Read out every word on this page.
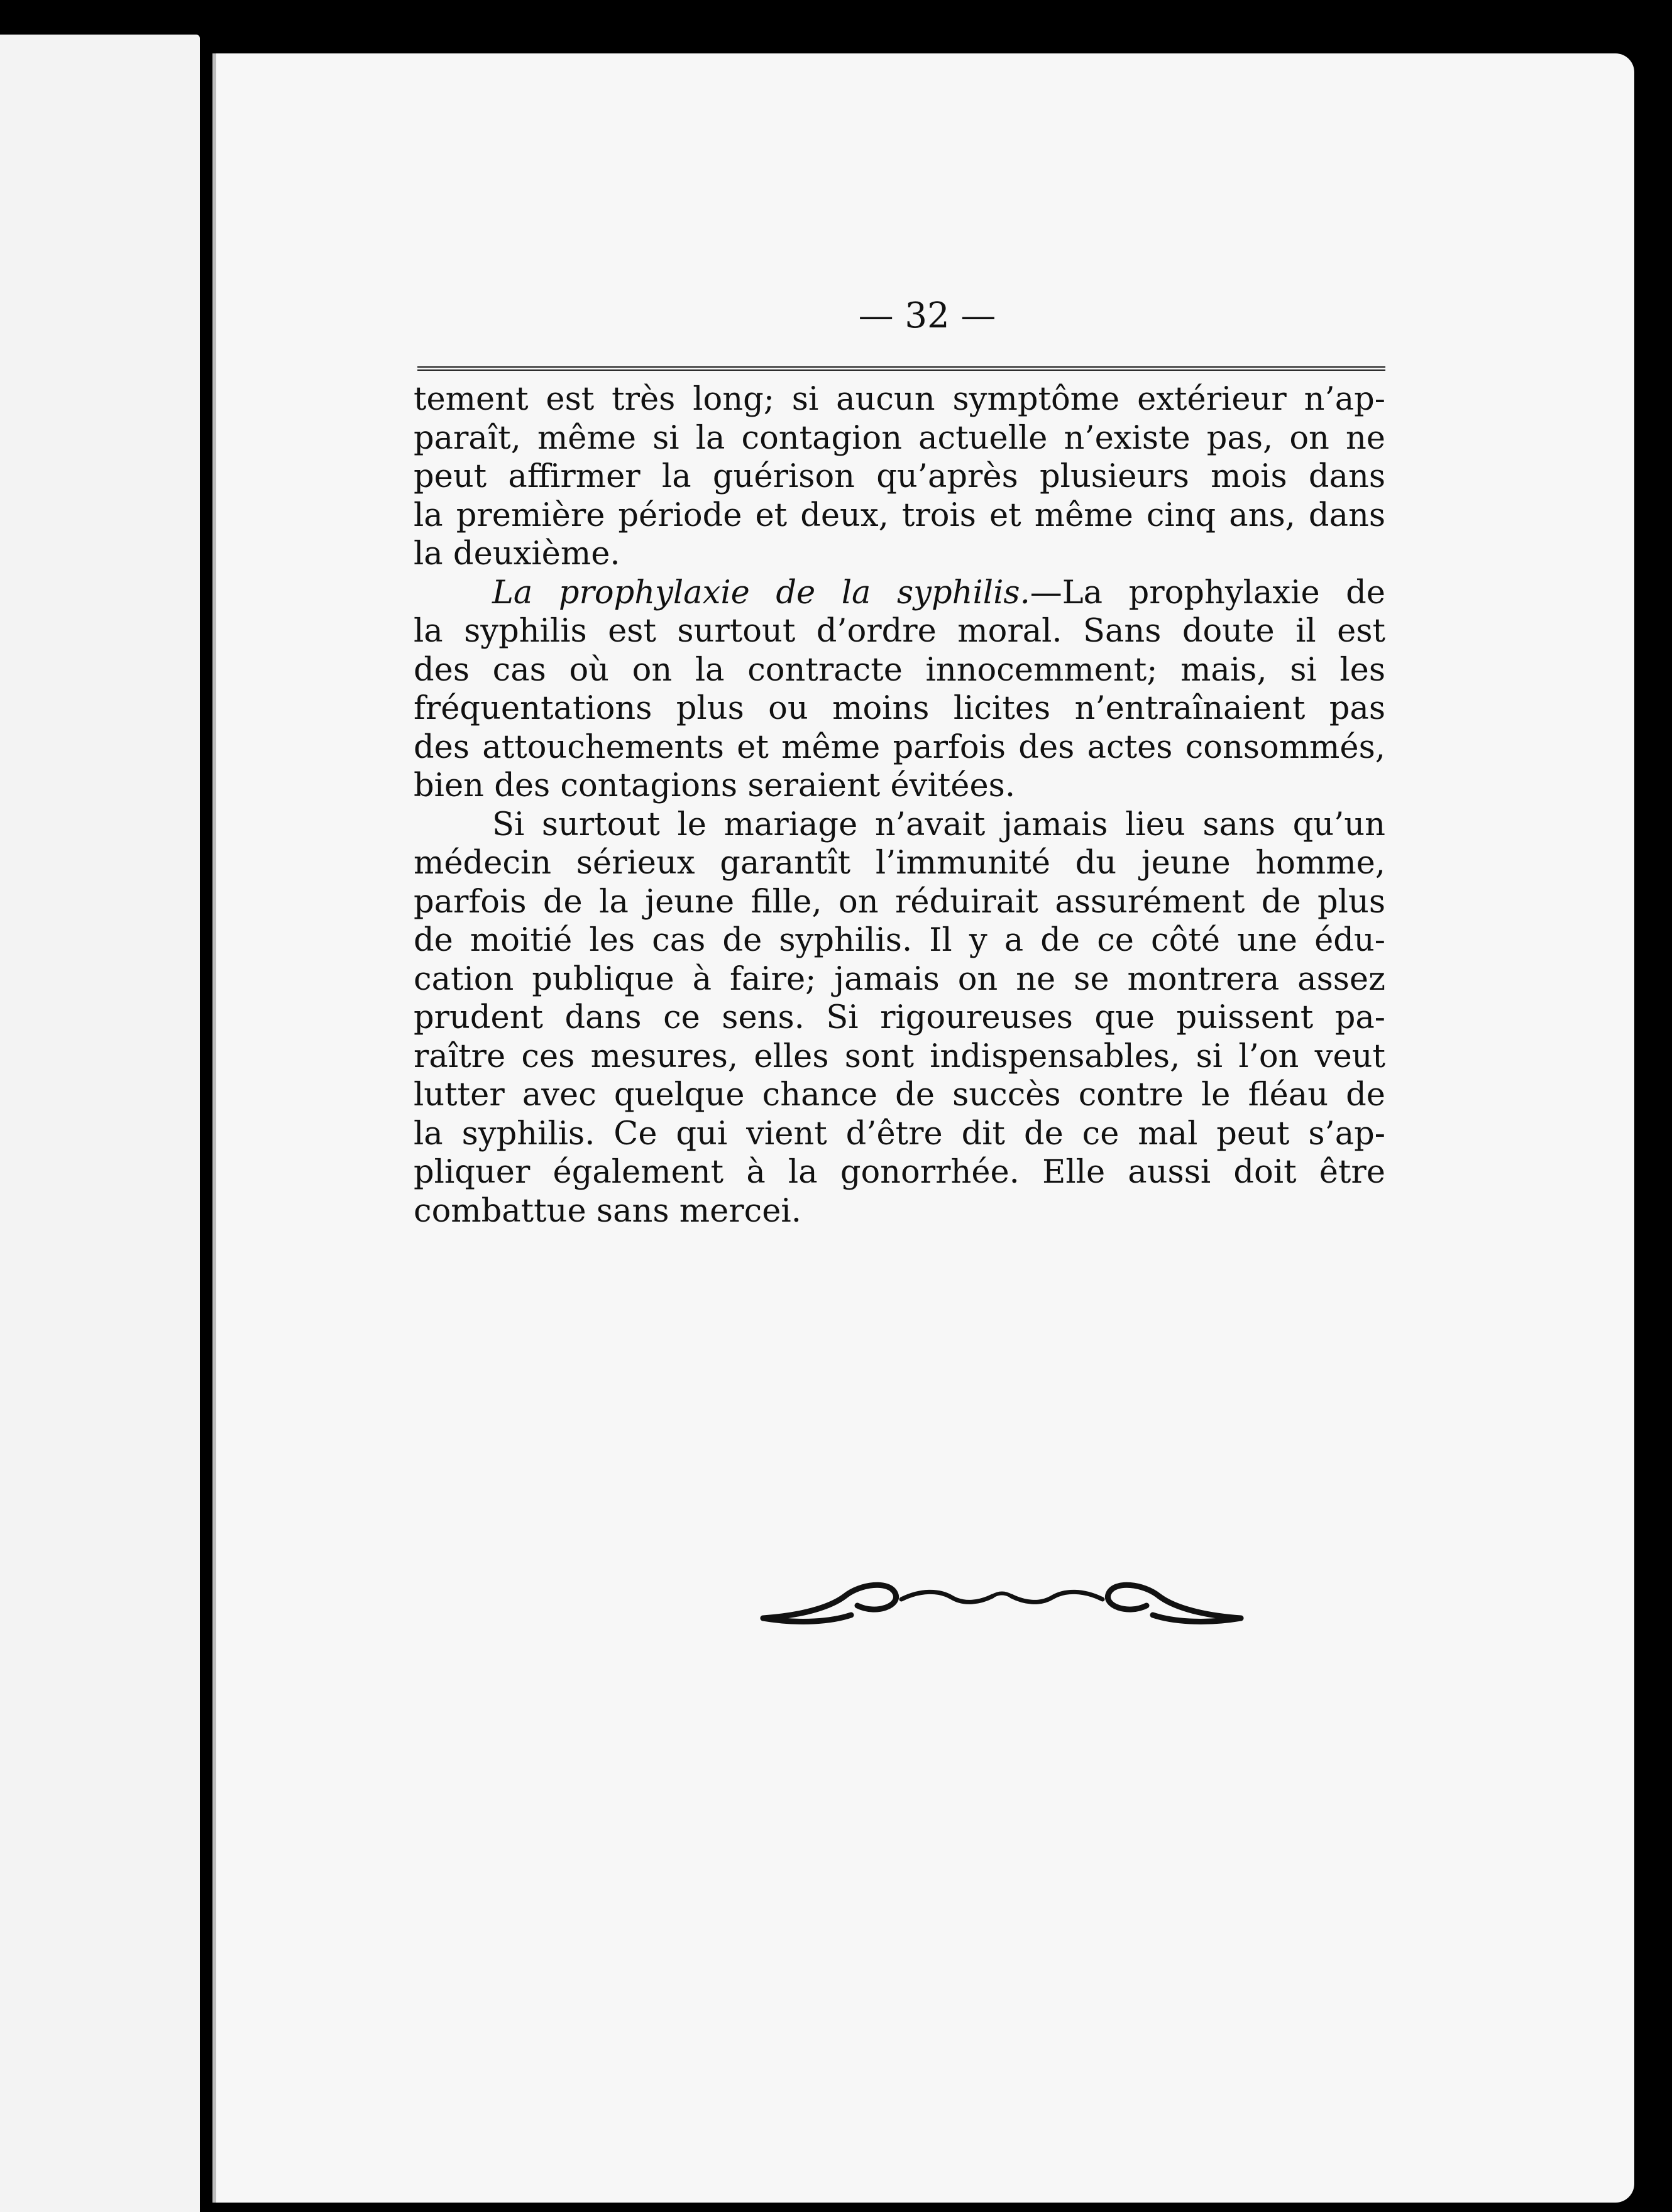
— 32 —
tement est très long; si aucun symptôme extérieur n’ap-
paraît, même si la contagion actuelle n’existe pas, on ne
peut affirmer la guérison qu’après plusieurs mois dans
la première période et deux, trois et même cinq ans, dans
la deuxième.
La prophylaxie de la syphilis.—La prophylaxie de
la syphilis est surtout d’ordre moral. Sans doute il est
des cas où on la contracte innocemment; mais, si les
fréquentations plus ou moins licites n’entraînaient pas
des attouchements et même parfois des actes consommés,
bien des contagions seraient évitées.
Si surtout le mariage n’avait jamais lieu sans qu’un
médecin sérieux garantît l’immunité du jeune homme,
parfois de la jeune fille, on réduirait assurément de plus
de moitié les cas de syphilis. Il y a de ce côté une édu-
cation publique à faire; jamais on ne se montrera assez
prudent dans ce sens. Si rigoureuses que puissent pa-
raître ces mesures, elles sont indispensables, si l’on veut
lutter avec quelque chance de succès contre le fléau de
la syphilis. Ce qui vient d’être dit de ce mal peut s’ap-
pliquer également à la gonorrhée. Elle aussi doit être
combattue sans mercei.
